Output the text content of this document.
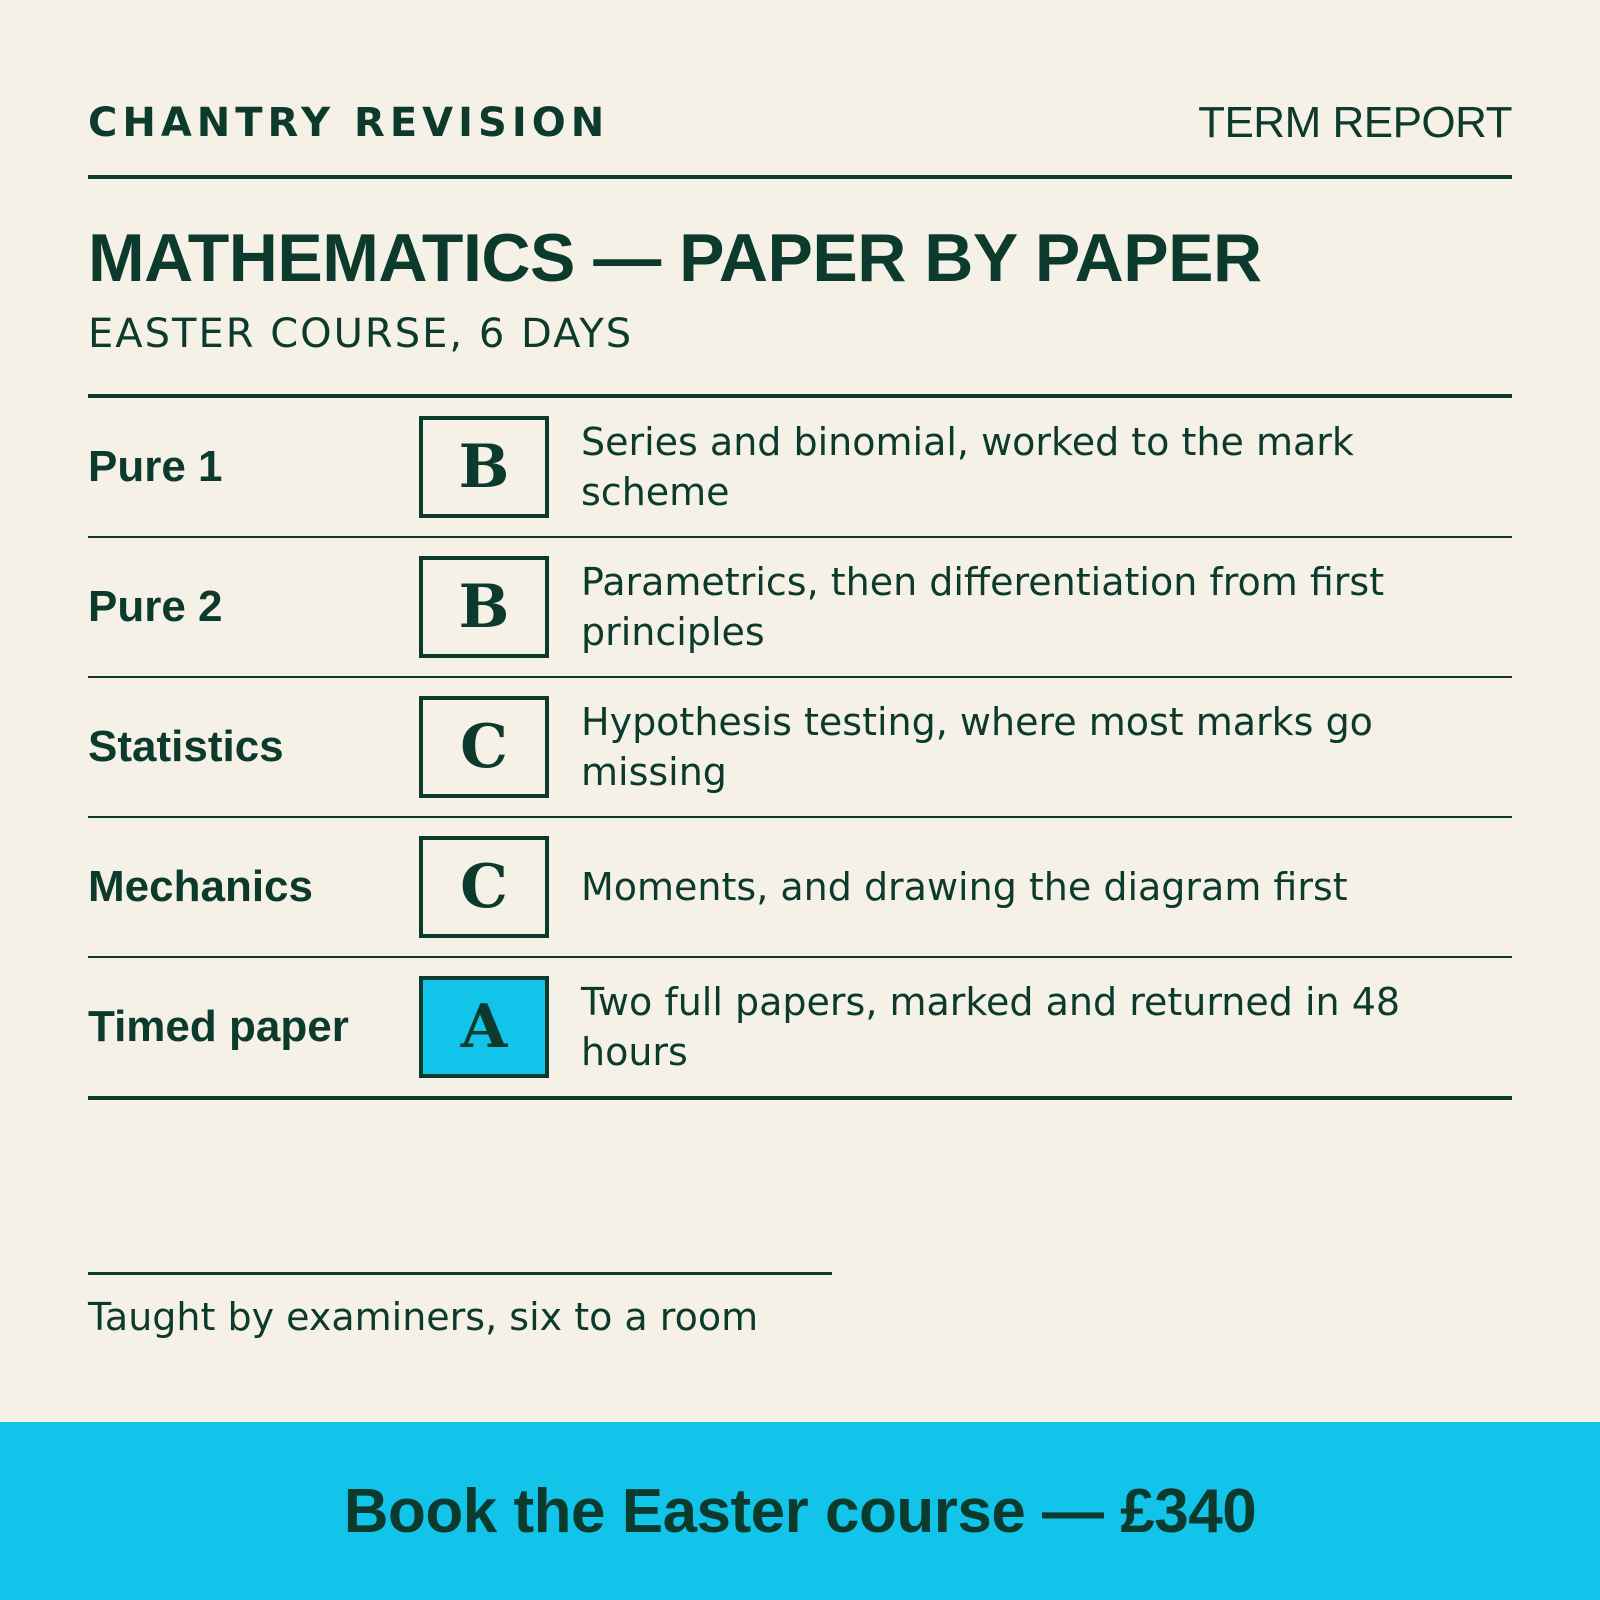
CHANTRY REVISION	TERM REPORT
MATHEMATICS — PAPER BY PAPER
EASTER COURSE, 6 DAYS
Pure 1	B	Series and binomial, worked to the mark scheme
Pure 2	B	Parametrics, then differentiation from first principles
Statistics	C	Hypothesis testing, where most marks go missing
Mechanics	C	Moments, and drawing the diagram first
Timed paper	A	Two full papers, marked and returned in 48 hours
Taught by examiners, six to a room
Book the Easter course — £340
